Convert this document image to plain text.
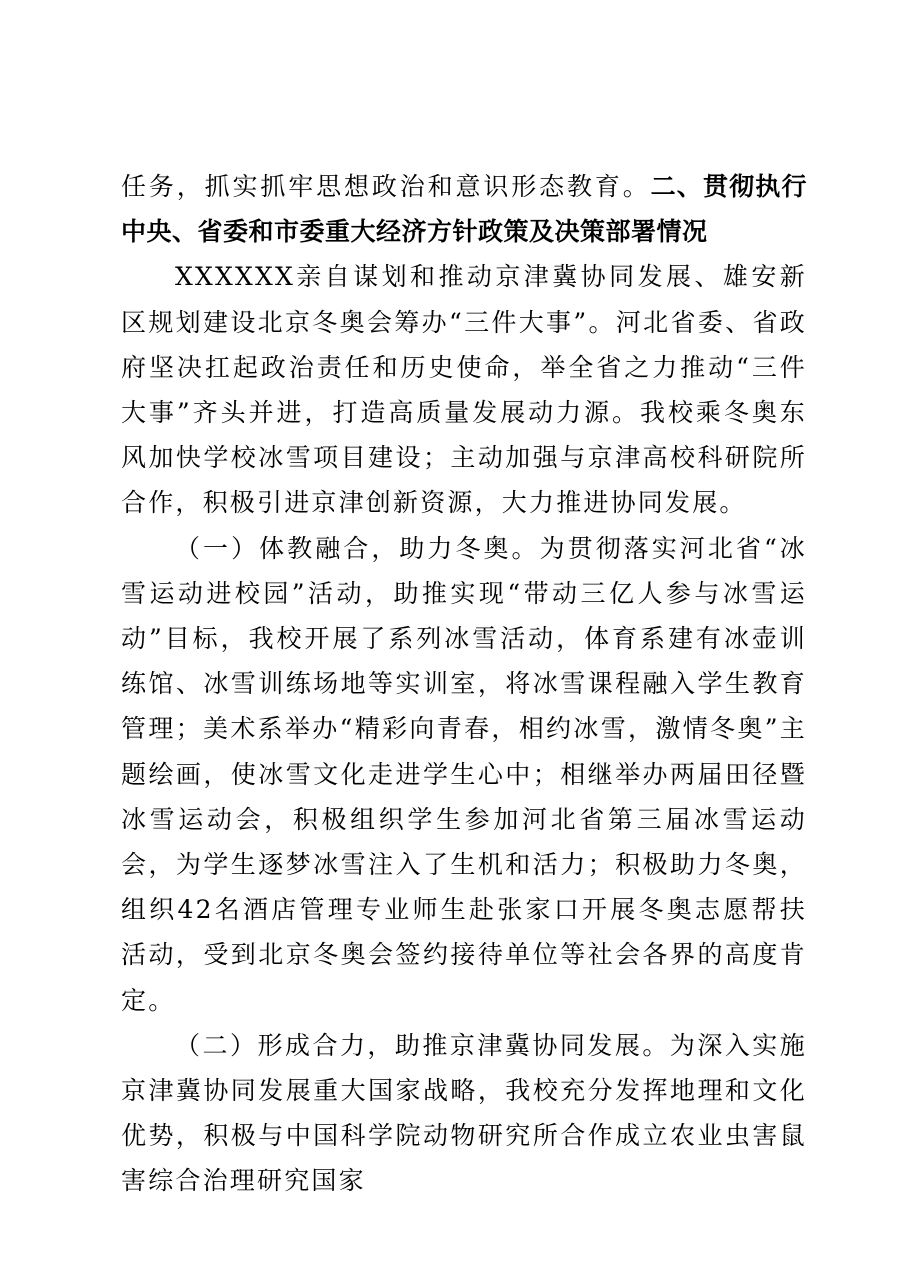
任务，抓实抓牢思想政治和意识形态教育。二、贯彻执行中央、省委和市委重大经济方针政策及决策部署情况

XXXXXX亲自谋划和推动京津冀协同发展、雄安新区规划建设北京冬奥会筹办“三件大事”。河北省委、省政府坚决扛起政治责任和历史使命，举全省之力推动“三件大事”齐头并进，打造高质量发展动力源。我校乘冬奥东风加快学校冰雪项目建设；主动加强与京津高校科研院所合作，积极引进京津创新资源，大力推进协同发展。

（一）体教融合，助力冬奥。为贯彻落实河北省“冰雪运动进校园”活动，助推实现“带动三亿人参与冰雪运动”目标，我校开展了系列冰雪活动，体育系建有冰壶训练馆、冰雪训练场地等实训室，将冰雪课程融入学生教育管理；美术系举办“精彩向青春，相约冰雪，激情冬奥”主题绘画，使冰雪文化走进学生心中；相继举办两届田径暨冰雪运动会，积极组织学生参加河北省第三届冰雪运动会，为学生逐梦冰雪注入了生机和活力；积极助力冬奥，组织42名酒店管理专业师生赴张家口开展冬奥志愿帮扶活动，受到北京冬奥会签约接待单位等社会各界的高度肯定。

（二）形成合力，助推京津冀协同发展。为深入实施京津冀协同发展重大国家战略，我校充分发挥地理和文化优势，积极与中国科学院动物研究所合作成立农业虫害鼠害综合治理研究国家
